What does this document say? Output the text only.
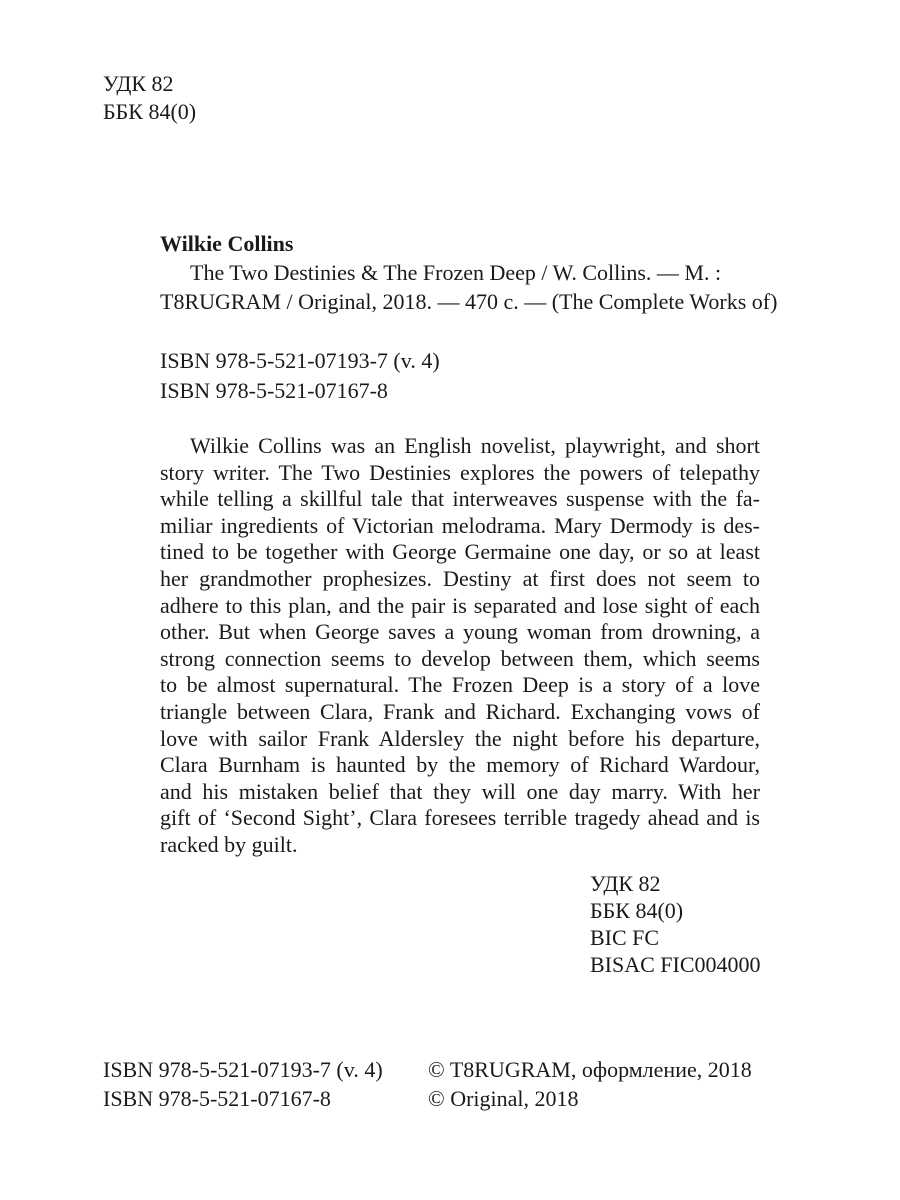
УДК 82
ББК 84(0)
Wilkie Collins
The Two Destinies & The Frozen Deep / W. Collins. — M. :
T8RUGRAM / Original, 2018. — 470 c. — (The Complete Works of)
ISBN 978-5-521-07193-7 (v. 4)
ISBN 978-5-521-07167-8
Wilkie Collins was an English novelist, playwright, and short
story writer. The Two Destinies explores the powers of telepathy
while telling a skillful tale that interweaves suspense with the fa-
miliar ingredients of Victorian melodrama. Mary Dermody is des-
tined to be together with George Germaine one day, or so at least
her grandmother prophesizes. Destiny at first does not seem to
adhere to this plan, and the pair is separated and lose sight of each
other. But when George saves a young woman from drowning, a
strong connection seems to develop between them, which seems
to be almost supernatural. The Frozen Deep is a story of a love
triangle between Clara, Frank and Richard. Exchanging vows of
love with sailor Frank Aldersley the night before his departure,
Clara Burnham is haunted by the memory of Richard Wardour,
and his mistaken belief that they will one day marry. With her
gift of ‘Second Sight’, Clara foresees terrible tragedy ahead and is
racked by guilt.
УДК 82
ББК 84(0)
BIC FC
BISAC FIC004000
ISBN 978-5-521-07193-7 (v. 4)
ISBN 978-5-521-07167-8
© T8RUGRAM, оформление, 2018
© Original, 2018
